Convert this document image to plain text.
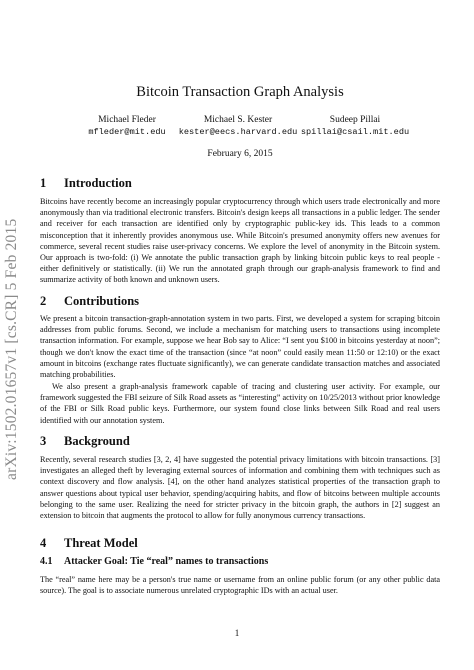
arXiv:1502.01657v1 [cs.CR] 5 Feb 2015
Bitcoin Transaction Graph Analysis
Michael Fleder
mfleder@mit.edu
Michael S. Kester
kester@eecs.harvard.edu
Sudeep Pillai
spillai@csail.mit.edu
February 6, 2015
1 Introduction

Bitcoins have recently become an increasingly popular cryptocurrency through which users trade electronically and more anonymously than via traditional electronic transfers. Bitcoin's design keeps all transactions in a public ledger. The sender and receiver for each transaction are identified only by cryptographic public-key ids. This leads to a common misconception that it inherently provides anonymous use. While Bitcoin's presumed anonymity offers new avenues for commerce, several recent studies raise user-privacy concerns. We explore the level of anonymity in the Bitcoin system. Our approach is two-fold: (i) We annotate the public transaction graph by linking bitcoin public keys to real people - either definitively or statistically. (ii) We run the annotated graph through our graph-analysis framework to find and summarize activity of both known and unknown users.

2 Contributions

We present a bitcoin transaction-graph-annotation system in two parts. First, we developed a system for scraping bitcoin addresses from public forums. Second, we include a mechanism for matching users to transactions using incomplete transaction information. For example, suppose we hear Bob say to Alice: “I sent you $100 in bitcoins yesterday at noon”; though we don't know the exact time of the transaction (since “at noon” could easily mean 11:50 or 12:10) or the exact amount in bitcoins (exchange rates fluctuate significantly), we can generate candidate transaction matches and associated matching probabilities.

We also present a graph-analysis framework capable of tracing and clustering user activity. For example, our framework suggested the FBI seizure of Silk Road assets as “interesting” activity on 10/25/2013 without prior knowledge of the FBI or Silk Road public keys. Furthermore, our system found close links between Silk Road and real users identified with our annotation system.

3 Background

Recently, several research studies [3, 2, 4] have suggested the potential privacy limitations with bitcoin transactions. [3] investigates an alleged theft by leveraging external sources of information and combining them with techniques such as context discovery and flow analysis. [4], on the other hand analyzes statistical properties of the transaction graph to answer questions about typical user behavior, spending/acquiring habits, and flow of bitcoins between multiple accounts belonging to the same user. Realizing the need for stricter privacy in the bitcoin graph, the authors in [2] suggest an extension to bitcoin that augments the protocol to allow for fully anonymous currency transactions.

4 Threat Model
4.1 Attacker Goal: Tie “real” names to transactions

The “real” name here may be a person's true name or username from an online public forum (or any other public data source). The goal is to associate numerous unrelated cryptographic IDs with an actual user.

1
